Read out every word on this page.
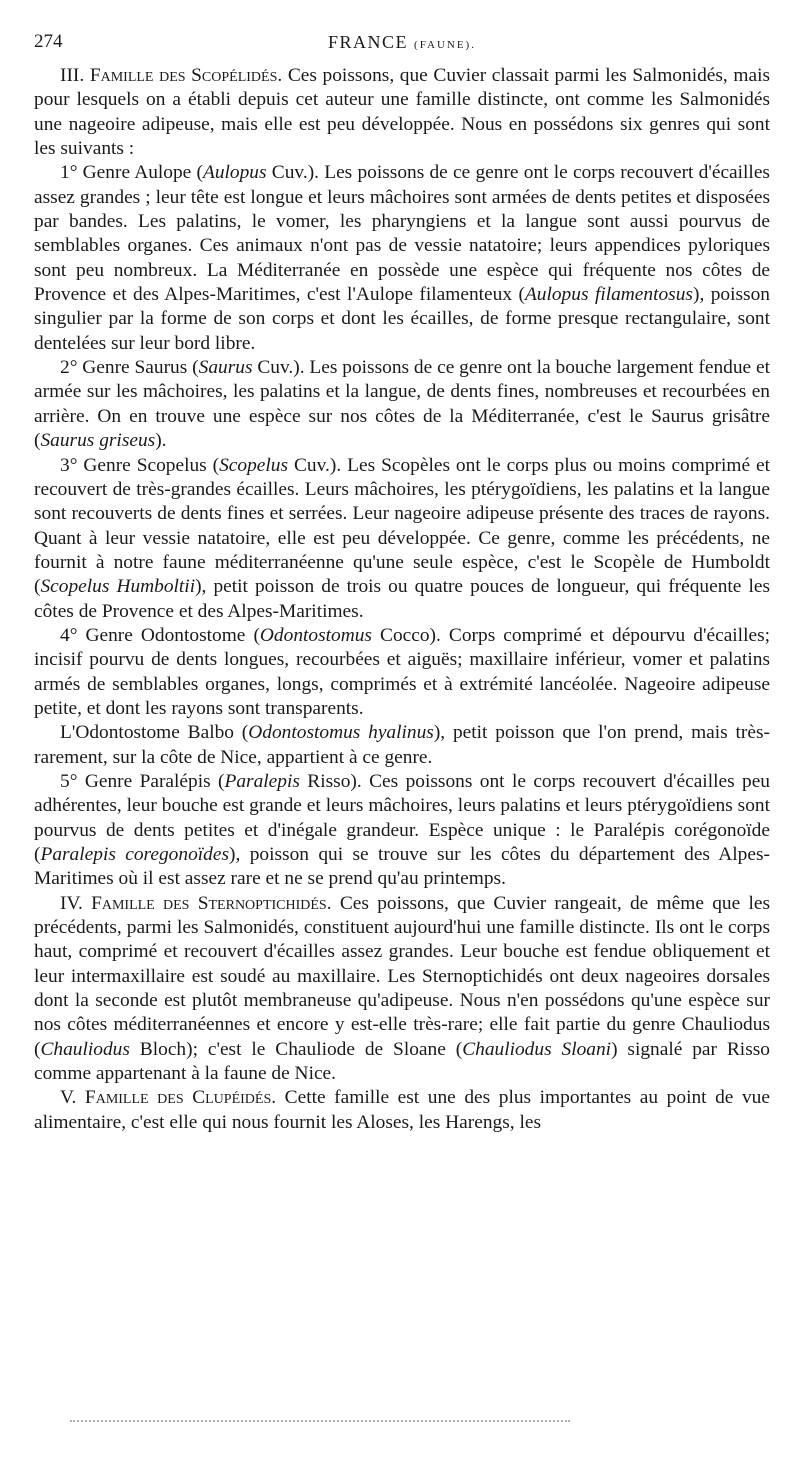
274	FRANCE (FAUNE).

III. Famille des Scopélidés. Ces poissons, que Cuvier classait parmi les Salmonidés, mais pour lesquels on a établi depuis cet auteur une famille distincte, ont comme les Salmonidés une nageoire adipeuse, mais elle est peu développée. Nous en possédons six genres qui sont les suivants :

1° Genre Aulope (Aulopus Cuv.). Les poissons de ce genre ont le corps recouvert d'écailles assez grandes ; leur tête est longue et leurs mâchoires sont armées de dents petites et disposées par bandes. Les palatins, le vomer, les pharyngiens et la langue sont aussi pourvus de semblables organes. Ces animaux n'ont pas de vessie natatoire; leurs appendices pyloriques sont peu nombreux. La Méditerranée en possède une espèce qui fréquente nos côtes de Provence et des Alpes-Maritimes, c'est l'Aulope filamenteux (Aulopus filamentosus), poisson singulier par la forme de son corps et dont les écailles, de forme presque rectangulaire, sont dentelées sur leur bord libre.

2° Genre Saurus (Saurus Cuv.). Les poissons de ce genre ont la bouche largement fendue et armée sur les mâchoires, les palatins et la langue, de dents fines, nombreuses et recourbées en arrière. On en trouve une espèce sur nos côtes de la Méditerranée, c'est le Saurus grisâtre (Saurus griseus).

3° Genre Scopelus (Scopelus Cuv.). Les Scopèles ont le corps plus ou moins comprimé et recouvert de très-grandes écailles. Leurs mâchoires, les ptérygoïdiens, les palatins et la langue sont recouverts de dents fines et serrées. Leur nageoire adipeuse présente des traces de rayons. Quant à leur vessie natatoire, elle est peu développée. Ce genre, comme les précédents, ne fournit à notre faune méditerranéenne qu'une seule espèce, c'est le Scopèle de Humboldt (Scopelus Humboltii), petit poisson de trois ou quatre pouces de longueur, qui fréquente les côtes de Provence et des Alpes-Maritimes.

4° Genre Odontostome (Odontostomus Cocco). Corps comprimé et dépourvu d'écailles; incisif pourvu de dents longues, recourbées et aiguës; maxillaire inférieur, vomer et palatins armés de semblables organes, longs, comprimés et à extrémité lancéolée. Nageoire adipeuse petite, et dont les rayons sont transparents.

L'Odontostome Balbo (Odontostomus hyalinus), petit poisson que l'on prend, mais très-rarement, sur la côte de Nice, appartient à ce genre.

5° Genre Paralépis (Paralepis Risso). Ces poissons ont le corps recouvert d'écailles peu adhérentes, leur bouche est grande et leurs mâchoires, leurs palatins et leurs ptérygoïdiens sont pourvus de dents petites et d'inégale grandeur. Espèce unique : le Paralépis corégonoïde (Paralepis coregonoïdes), poisson qui se trouve sur les côtes du département des Alpes-Maritimes où il est assez rare et ne se prend qu'au printemps.

IV. Famille des Sternoptichidés. Ces poissons, que Cuvier rangeait, de même que les précédents, parmi les Salmonidés, constituent aujourd'hui une famille distincte. Ils ont le corps haut, comprimé et recouvert d'écailles assez grandes. Leur bouche est fendue obliquement et leur intermaxillaire est soudé au maxillaire. Les Sternoptichidés ont deux nageoires dorsales dont la seconde est plutôt membraneuse qu'adipeuse. Nous n'en possédons qu'une espèce sur nos côtes méditerranéennes et encore y est-elle très-rare; elle fait partie du genre Chauliodus (Chauliodus Bloch); c'est le Chauliode de Sloane (Chauliodus Sloani) signalé par Risso comme appartenant à la faune de Nice.

V. Famille des Clupéidés. Cette famille est une des plus importantes au point de vue alimentaire, c'est elle qui nous fournit les Aloses, les Harengs, les
